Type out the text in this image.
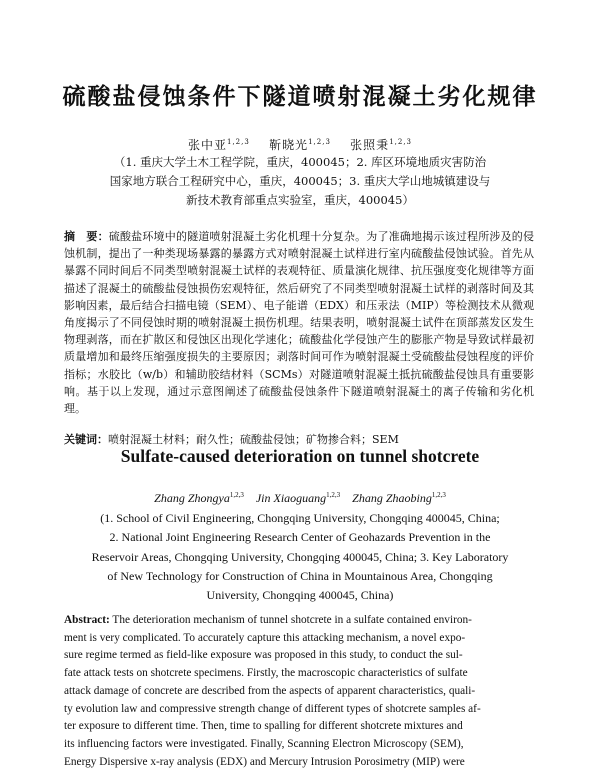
硫酸盐侵蚀条件下隧道喷射混凝土劣化规律
张中亚$^{1,2,3}$ 靳晓光$^{1,2,3}$ 张照秉$^{1,2,3}$
（1. 重庆大学土木工程学院，重庆，400045；2. 库区环境地质灾害防治
国家地方联合工程研究中心，重庆，400045；3. 重庆大学山地城镇建设与
新技术教育部重点实验室，重庆，400045）
摘　要：硫酸盐环境中的隧道喷射混凝土劣化机理十分复杂。为了准确地揭示该过程所涉及的侵蚀机制，提出了一种类现场暴露的暴露方式对喷射混凝土试样进行室内硫酸盐侵蚀试验。首先从暴露不同时间后不同类型喷射混凝土试样的表观特征、质量演化规律、抗压强度变化规律等方面描述了混凝土的硫酸盐侵蚀损伤宏观特征，然后研究了不同类型喷射混凝土试样的剥落时间及其影响因素，最后结合扫描电镜（SEM）、电子能谱（EDX）和压汞法（MIP）等检测技术从微观角度揭示了不同侵蚀时期的喷射混凝土损伤机理。结果表明，喷射混凝土试件在顶部蒸发区发生物理剥落，而在扩散区和侵蚀区出现化学速化；硫酸盐化学侵蚀产生的膨胀产物是导致试样最初质量增加和最终压缩强度损失的主要原因；剥落时间可作为喷射混凝土受硫酸盐侵蚀程度的评价指标；水胶比（w/b）和辅助胶结材料（SCMs）对隧道喷射混凝土抵抗硫酸盐侵蚀具有重要影响。基于以上发现，通过示意图阐述了硫酸盐侵蚀条件下隧道喷射混凝土的离子传输和劣化机理。
关键词：喷射混凝土材料；耐久性；硫酸盐侵蚀；矿物掺合料；SEM
Sulfate-caused deterioration on tunnel shotcrete
Zhang Zhongya$^{1,2,3}$ Jin Xiaoguang$^{1,2,3}$ Zhang Zhaobing$^{1,2,3}$
(1. School of Civil Engineering, Chongqing University, Chongqing 400045, China;
2. National Joint Engineering Research Center of Geohazards Prevention in the
Reservoir Areas, Chongqing University, Chongqing 400045, China; 3. Key Laboratory
of New Technology for Construction of China in Mountainous Area, Chongqing
University, Chongqing 400045, China)
Abstract: The deterioration mechanism of tunnel shotcrete in a sulfate contained environ-
ment is very complicated. To accurately capture this attacking mechanism, a novel expo-
sure regime termed as field-like exposure was proposed in this study, to conduct the sul-
fate attack tests on shotcrete specimens. Firstly, the macroscopic characteristics of sulfate
attack damage of concrete are described from the aspects of apparent characteristics, quali-
ty evolution law and compressive strength change of different types of shotcrete samples af-
ter exposure to different time. Then, time to spalling for different shotcrete mixtures and
its influencing factors were investigated. Finally, Scanning Electron Microscopy (SEM),
Energy Dispersive x-ray analysis (EDX) and Mercury Intrusion Porosimetry (MIP) were
